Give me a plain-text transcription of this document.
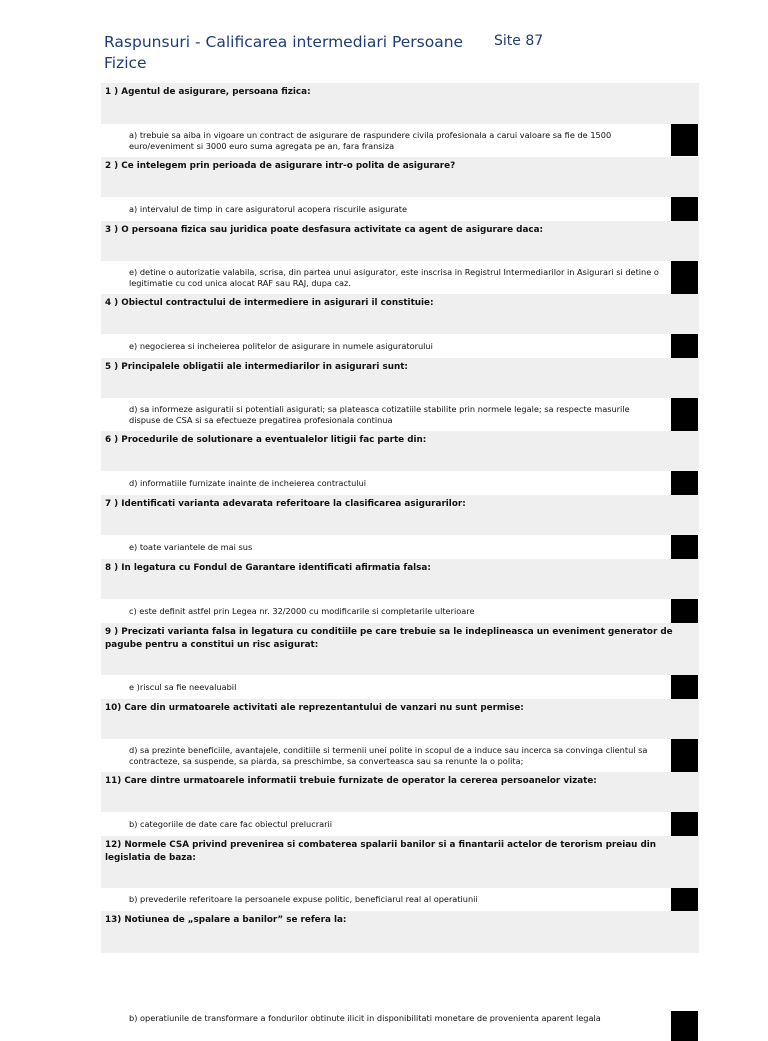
Raspunsuri - Calificarea intermediari Persoane Fizice
Site 87
1 ) Agentul de asigurare, persoana fizica:
a) trebuie sa aiba in vigoare un contract de asigurare de raspundere civila profesionala a carui valoare sa fie de 1500 euro/eveniment si 3000 euro suma agregata pe an, fara fransiza
2 ) Ce intelegem prin perioada de asigurare intr-o polita de asigurare?
a) intervalul de timp in care asiguratorul acopera riscurile asigurate
3 ) O persoana fizica sau juridica poate desfasura activitate ca agent de asigurare daca:
e) detine o autorizatie valabila, scrisa, din partea unui asigurator, este inscrisa in Registrul Intermediarilor in Asigurari si detine o legitimatie cu cod unica alocat RAF sau RAJ, dupa caz.
4 ) Obiectul contractului de intermediere in asigurari il constituie:
e) negocierea si incheierea politelor de asigurare in numele asiguratorului
5 ) Principalele obligatii ale intermediarilor in asigurari sunt:
d) sa informeze asiguratii si potentiali asigurati; sa plateasca cotizatiile stabilite prin normele legale; sa respecte masurile dispuse de CSA si sa efectueze pregatirea profesionala continua
6 ) Procedurile de solutionare a eventualelor litigii fac parte din:
d) informatiile furnizate inainte de incheierea contractului
7 ) Identificati varianta adevarata referitoare la clasificarea asigurarilor:
e) toate variantele de mai sus
8 ) In legatura cu Fondul de Garantare identificati afirmatia falsa:
c) este definit astfel prin Legea nr. 32/2000 cu modificarile si completarile ulterioare
9 ) Precizati varianta falsa in legatura cu conditiile pe care trebuie sa le indeplineasca un eveniment generator de pagube pentru a constitui un risc asigurat:
e )riscul sa fie neevaluabil
10) Care din urmatoarele activitati ale reprezentantului de vanzari nu sunt permise:
d) sa prezinte beneficiile, avantajele, conditiile si termenii unei polite in scopul de a induce sau incerca sa convinga clientul sa contracteze, sa suspende, sa piarda, sa preschimbe, sa converteasca sau sa renunte la o polita;
11) Care dintre urmatoarele informatii trebuie furnizate de operator la cererea persoanelor vizate:
b) categoriile de date care fac obiectul prelucrarii
12) Normele CSA privind prevenirea si combaterea spalarii banilor si a finantarii actelor de terorism preiau din legislatia de baza:
b) prevederile referitoare la persoanele expuse politic, beneficiarul real al operatiunii
13) Notiunea de „spalare a banilor” se refera la:
b) operatiunile de transformare a fondurilor obtinute ilicit in disponibilitati monetare de provenienta aparent legala
